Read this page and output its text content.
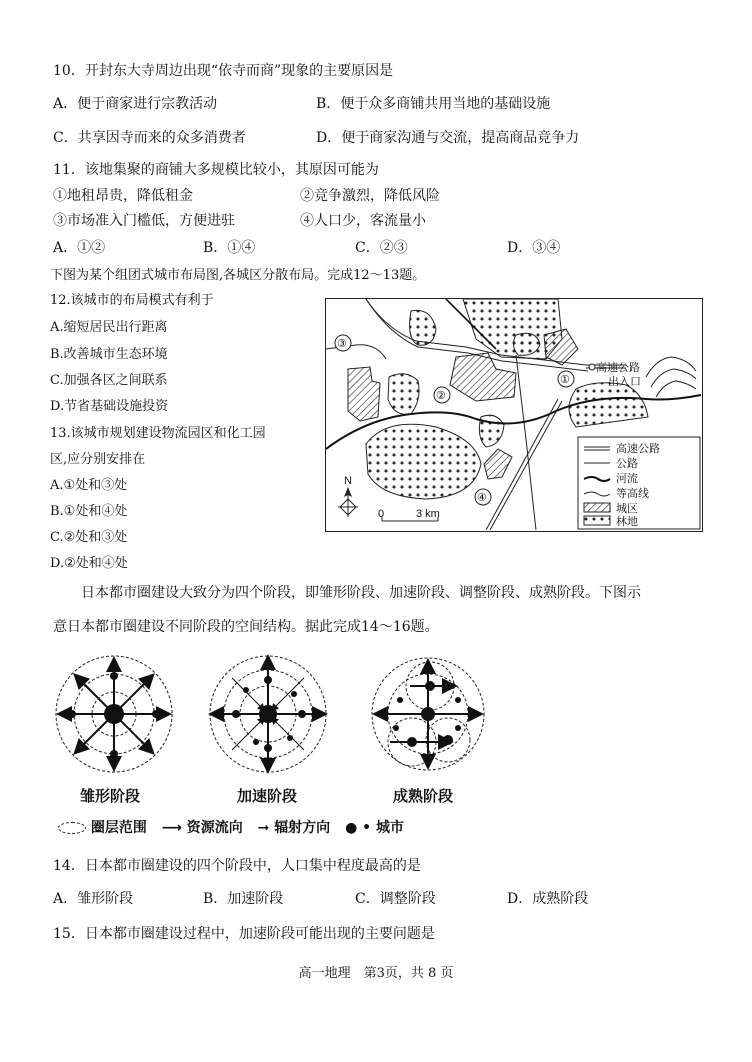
10．开封东大寺周边出现“依寺而商”现象的主要原因是
A．便于商家进行宗教活动	B．便于众多商铺共用当地的基础设施
C．共享因寺而来的众多消费者	D．便于商家沟通与交流，提高商品竞争力
11．该地集聚的商铺大多规模比较小，其原因可能为
①地租昂贵，降低租金	②竞争激烈，降低风险
③市场准入门槛低，方便进驻	④人口少，客流量小
A．①②	B．①④	C．②③	D．③④
下图为某个组团式城市布局图,各城区分散布局。完成12～13题。
12.该城市的布局模式有利于
A.缩短居民出行距离
B.改善城市生态环境
C.加强各区之间联系
D.节省基础设施投资
13.该城市规划建设物流园区和化工园
区,应分别安排在
A.①处和③处
B.①处和④处
C.②处和③处
D.②处和④处
高速公路
出入口
①
②
③
④
N
0	3 km
高速公路
公路
河流
等高线
城区
林地
日本都市圈建设大致分为四个阶段，即雏形阶段、加速阶段、调整阶段、成熟阶段。下图示
意日本都市圈建设不同阶段的空间结构。据此完成14～16题。
雏形阶段	加速阶段	成熟阶段
圈层范围 ⟶ 资源流向 ➞ 辐射方向 ● • 城市
14．日本都市圈建设的四个阶段中，人口集中程度最高的是
A．雏形阶段	B．加速阶段	C．调整阶段	D．成熟阶段
15．日本都市圈建设过程中，加速阶段可能出现的主要问题是
高一地理　第3页，共 8 页
